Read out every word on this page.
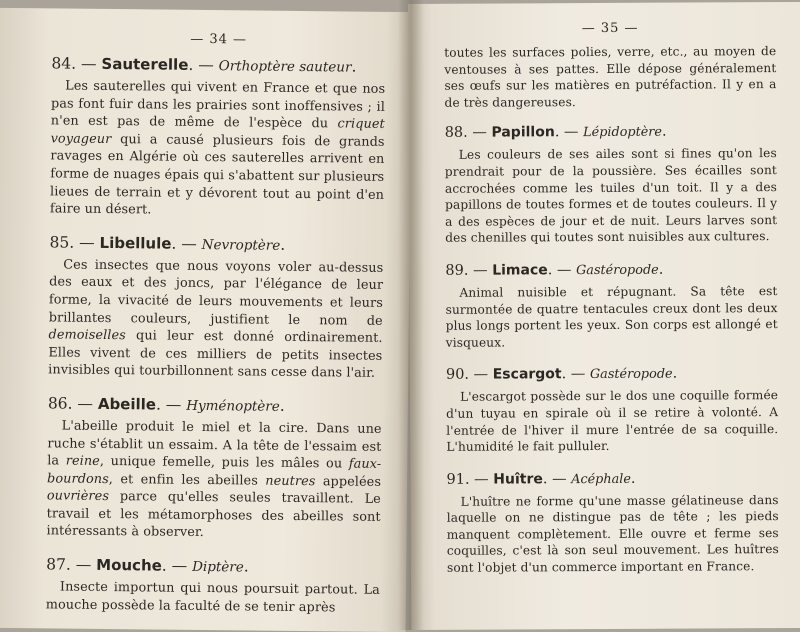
— 34 —
84. — Sauterelle. — Orthoptère sauteur.
Les sauterelles qui vivent en France et que nos pas font fuir dans les prairies sont inoffensives ; il n'en est pas de même de l'espèce du criquet voyageur qui a causé plusieurs fois de grands ravages en Algérie où ces sauterelles arrivent en forme de nuages épais qui s'abattent sur plusieurs lieues de terrain et y dévorent tout au point d'en faire un désert.
85. — Libellule. — Nevroptère.
Ces insectes que nous voyons voler au-dessus des eaux et des joncs, par l'élégance de leur forme, la vivacité de leurs mouvements et leurs brillantes couleurs, justifient le nom de demoiselles qui leur est donné ordinairement. Elles vivent de ces milliers de petits insectes invisibles qui tourbillonnent sans cesse dans l'air.
86. — Abeille. — Hyménoptère.
L'abeille produit le miel et la cire. Dans une ruche s'établit un essaim. A la tête de l'essaim est la reine, unique femelle, puis les mâles ou faux-bourdons, et enfin les abeilles neutres appelées ouvrières parce qu'elles seules travaillent. Le travail et les métamorphoses des abeilles sont intéressants à observer.
87. — Mouche. — Diptère.
Insecte importun qui nous poursuit partout. La mouche possède la faculté de se tenir après
— 35 —
toutes les surfaces polies, verre, etc., au moyen de ventouses à ses pattes. Elle dépose généralement ses œufs sur les matières en putréfaction. Il y en a de très dangereuses.
88. — Papillon. — Lépidoptère.
Les couleurs de ses ailes sont si fines qu'on les prendrait pour de la poussière. Ses écailles sont accrochées comme les tuiles d'un toit. Il y a des papillons de toutes formes et de toutes couleurs. Il y a des espèces de jour et de nuit. Leurs larves sont des chenilles qui toutes sont nuisibles aux cultures.
89. — Limace. — Gastéropode.
Animal nuisible et répugnant. Sa tête est surmontée de quatre tentacules creux dont les deux plus longs portent les yeux. Son corps est allongé et visqueux.
90. — Escargot. — Gastéropode.
L'escargot possède sur le dos une coquille formée d'un tuyau en spirale où il se retire à volonté. A l'entrée de l'hiver il mure l'entrée de sa coquille. L'humidité le fait pulluler.
91. — Huître. — Acéphale.
L'huître ne forme qu'une masse gélatineuse dans laquelle on ne distingue pas de tête ; les pieds manquent complètement. Elle ouvre et ferme ses coquilles, c'est là son seul mouvement. Les huîtres sont l'objet d'un commerce important en France.
